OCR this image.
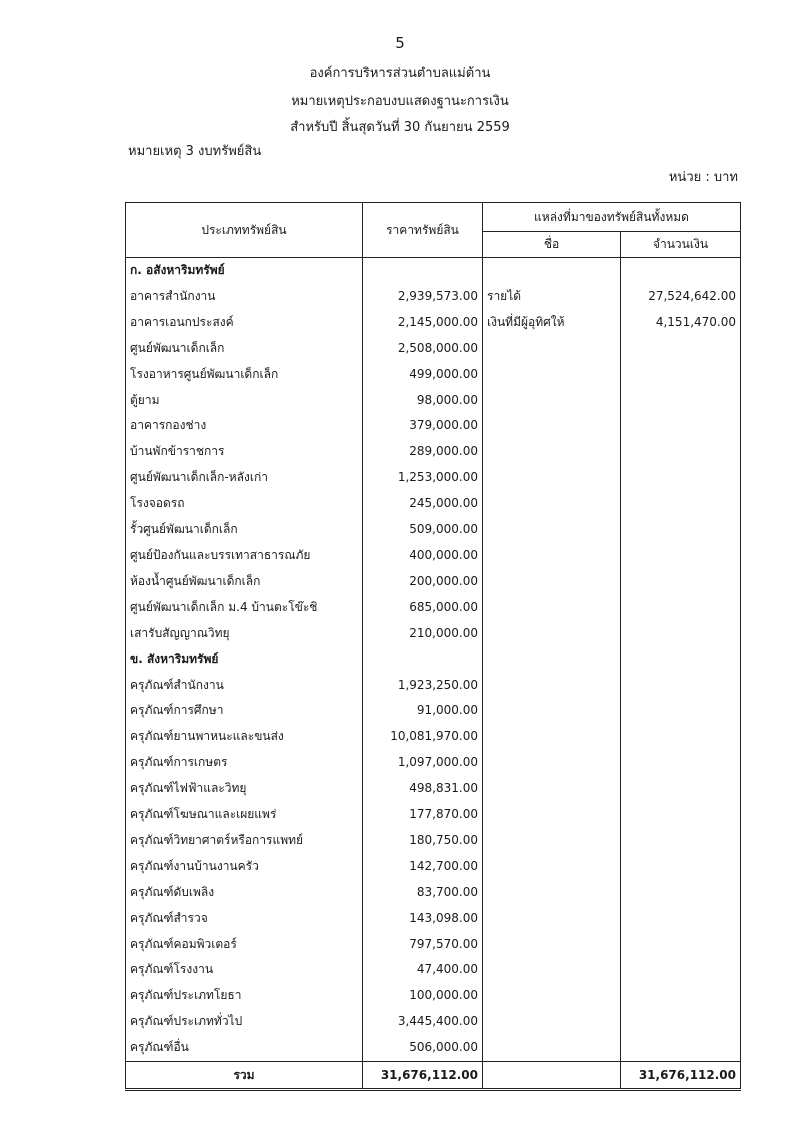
5
องค์การบริหารส่วนตำบลแม่ต้าน
หมายเหตุประกอบงบแสดงฐานะการเงิน
สำหรับปี สิ้นสุดวันที่ 30 กันยายน 2559
หมายเหตุ 3 งบทรัพย์สิน
หน่วย : บาท
ประเภททรัพย์สิน	ราคาทรัพย์สิน	แหล่งที่มาของทรัพย์สินทั้งหมด	
		ชื่อ	จำนวนเงิน
ก. อสังหาริมทรัพย์			
อาคารสำนักงาน	2,939,573.00	รายได้	27,524,642.00
อาคารเอนกประสงค์	2,145,000.00	เงินที่มีผู้อุทิศให้	4,151,470.00
ศูนย์พัฒนาเด็กเล็ก	2,508,000.00		
โรงอาหารศูนย์พัฒนาเด็กเล็ก	499,000.00		
ตู้ยาม	98,000.00		
อาคารกองช่าง	379,000.00		
บ้านพักข้าราชการ	289,000.00		
ศูนย์พัฒนาเด็กเล็ก-หลังเก่า	1,253,000.00		
โรงจอดรถ	245,000.00		
รั้วศูนย์พัฒนาเด็กเล็ก	509,000.00		
ศูนย์ป้องกันและบรรเทาสาธารณภัย	400,000.00		
ห้องน้ำศูนย์พัฒนาเด็กเล็ก	200,000.00		
ศูนย์พัฒนาเด็กเล็ก ม.4 บ้านตะโข๊ะชิ	685,000.00		
เสารับสัญญาณวิทยุ	210,000.00		
ข. สังหาริมทรัพย์			
ครุภัณฑ์สำนักงาน	1,923,250.00		
ครุภัณฑ์การศึกษา	91,000.00		
ครุภัณฑ์ยานพาหนะและขนส่ง	10,081,970.00		
ครุภัณฑ์การเกษตร	1,097,000.00		
ครุภัณฑ์ไฟฟ้าและวิทยุ	498,831.00		
ครุภัณฑ์โฆษณาและเผยแพร่	177,870.00		
ครุภัณฑ์วิทยาศาตร์หรือการแพทย์	180,750.00		
ครุภัณฑ์งานบ้านงานครัว	142,700.00		
ครุภัณฑ์ดับเพลิง	83,700.00		
ครุภัณฑ์สำรวจ	143,098.00		
ครุภัณฑ์คอมพิวเตอร์	797,570.00		
ครุภัณฑ์โรงงาน	47,400.00		
ครุภัณฑ์ประเภทโยธา	100,000.00		
ครุภัณฑ์ประเภททั่วไป	3,445,400.00		
ครุภัณฑ์อื่น	506,000.00		
รวม	31,676,112.00		31,676,112.00
